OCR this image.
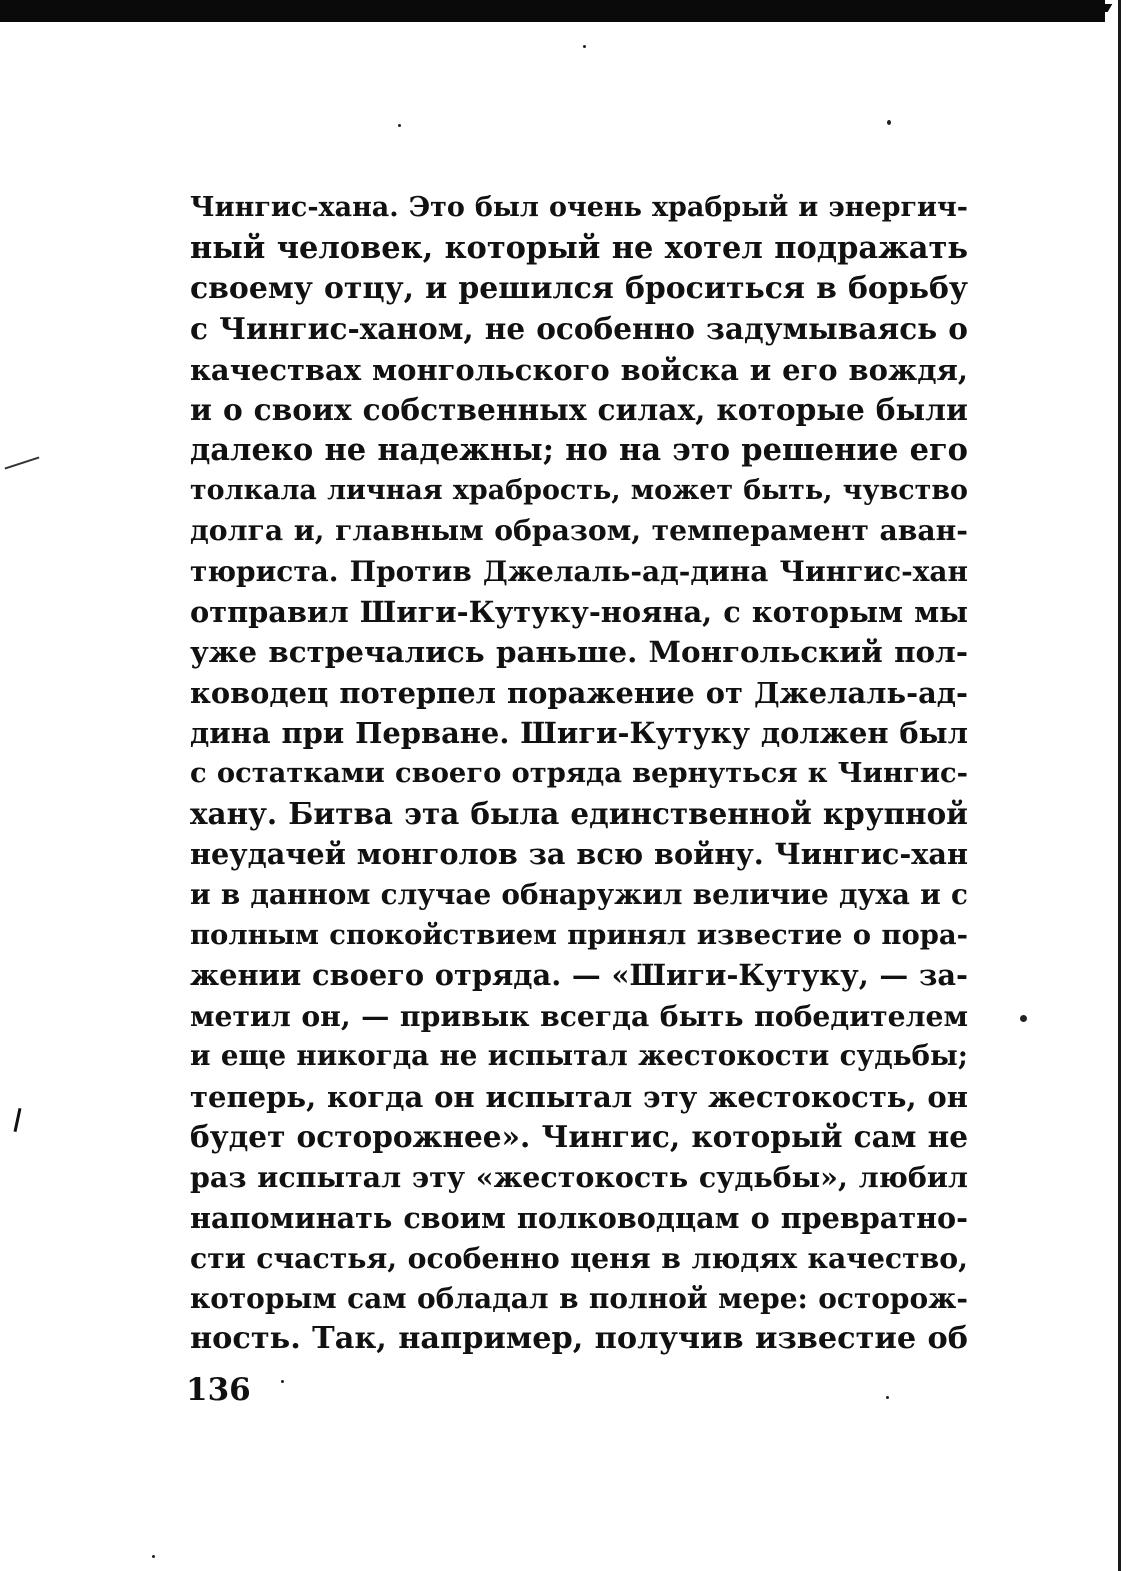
Чингис-хана. Это был очень храбрый и энергич-
ный человек, который не хотел подражать
своему отцу, и решился броситься в борьбу
с Чингис-ханом, не особенно задумываясь о
качествах монгольского войска и его вождя,
и о своих собственных силах, которые были
далеко не надежны; но на это решение его
толкала личная храбрость, может быть, чувство
долга и, главным образом, темперамент аван-
тюриста. Против Джелаль-ад-дина Чингис-хан
отправил Шиги-Кутуку-нояна, с которым мы
уже встречались раньше. Монгольский пол-
ководец потерпел поражение от Джелаль-ад-
дина при Перване. Шиги-Кутуку должен был
с остатками своего отряда вернуться к Чингис-
хану. Битва эта была единственной крупной
неудачей монголов за всю войну. Чингис-хан
и в данном случае обнаружил величие духа и с
полным спокойствием принял известие о пора-
жении своего отряда. — «Шиги-Кутуку, — за-
метил он, — привык всегда быть победителем
и еще никогда не испытал жестокости судьбы;
теперь, когда он испытал эту жестокость, он
будет осторожнее». Чингис, который сам не
раз испытал эту «жестокость судьбы», любил
напоминать своим полководцам о превратно-
сти счастья, особенно ценя в людях качество,
которым сам обладал в полной мере: осторож-
ность. Так, например, получив известие об
136
